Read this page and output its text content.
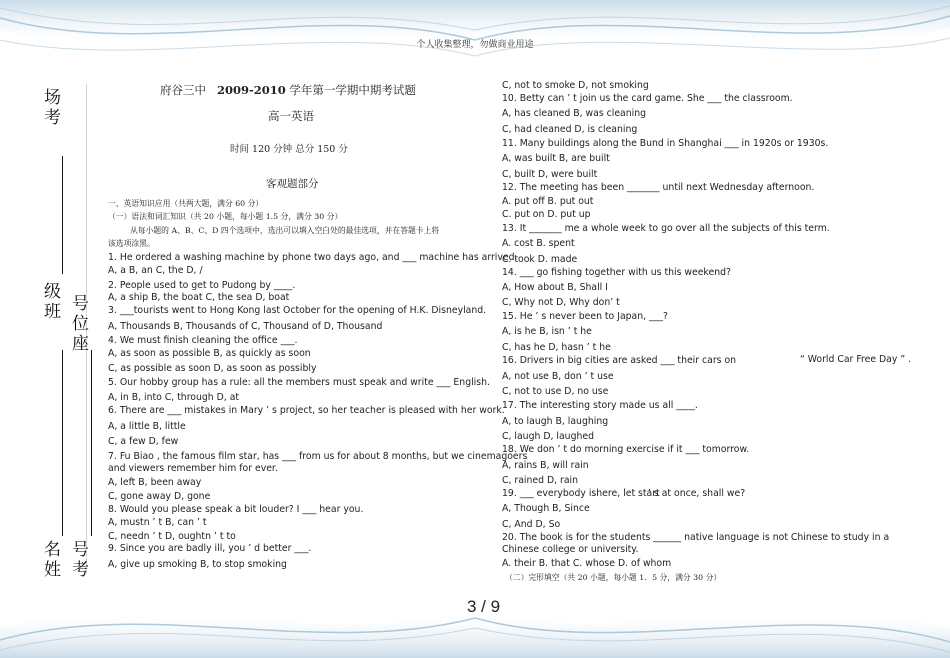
个人收集整理，勿做商业用途
场
考
级
班 号
位
座
名
姓
号
考
府谷三中 2009-2010 学年第一学期中期考试题
高一英语
时间 120 分钟 总分 150 分
客观题部分
一、英语知识应用（共两大题，满分 60 分）
（一）语法和词汇知识（共 20 小题，每小题 1.5 分，满分 30 分）
从每小题的 A、B、C、D 四个选项中，选出可以填入空白处的最佳选项，并在答题卡上将
该选项涂黑。
1. He ordered a washing machine by phone two days ago, and ___ machine has arrived.
A, a B, an C, the D, /
2. People used to get to Pudong by ____.
A, a ship B, the boat C, the sea D, boat
3. ___tourists went to Hong Kong last October for the opening of H.K. Disneyland.
A, Thousands B, Thousands of C, Thousand of D, Thousand
4. We must finish cleaning the office ___.
A, as soon as possible B, as quickly as soon
C, as possible as soon D, as soon as possibly
5. Our hobby group has a rule: all the members must speak and write ___ English.
A, in B, into C, through D, at
6. There are ___ mistakes in Mary ’ s project, so her teacher is pleased with her work.
A, a little B, little
C, a few D, few
7. Fu Biao , the famous film star, has ___ from us for about 8 months, but we cinemagoers
and viewers remember him for ever.
A, left B, been away
C, gone away D, gone
8. Would you please speak a bit louder? I ___ hear you.
A, mustn ’ t B, can ’ t
C, needn ’ t D, oughtn ’ t to
9. Since you are badly ill, you ’ d better ___.
A, give up smoking B, to stop smoking
C, not to smoke D, not smoking
10. Betty can ’ t join us the card game. She ___ the classroom.
A, has cleaned B, was cleaning
C, had cleaned D, is cleaning
11. Many buildings along the Bund in Shanghai ___ in 1920s or 1930s.
A, was built B, are built
C, built D, were built
12. The meeting has been _______ until next Wednesday afternoon.
A. put off B. put out
C. put on D. put up
13. It _______ me a whole week to go over all the subjects of this term.
A. cost B. spent
C. took D. made
14. ___ go fishing together with us this weekend?
A, How about B, Shall I
C, Why not D, Why don’ t
15. He ’ s never been to Japan, ___?
A, is he B, isn ’ t he
C, has he D, hasn ’ t he
16. Drivers in big cities are asked ___ their cars on
A, not use B, don ’ t use
C, not to use D, no use
17. The interesting story made us all ____.
A, to laugh B, laughing
C, laugh D, laughed
18. We don ’ t do morning exercise if it ___ tomorrow.
A, rains B, will rain
C, rained D, rain
19. ___ everybody ishere, let start
A, Though B, Since
C, And D, So
20. The book is for the students ______ native language is not Chinese to study in a
Chinese college or university.
A. their B. that C. whose D. of whom
“ World Car Free Day ” .
’ s at once, shall we?
（二）完形填空（共 20 小题，每小题 1．5 分，满分 30 分）
3 / 9
